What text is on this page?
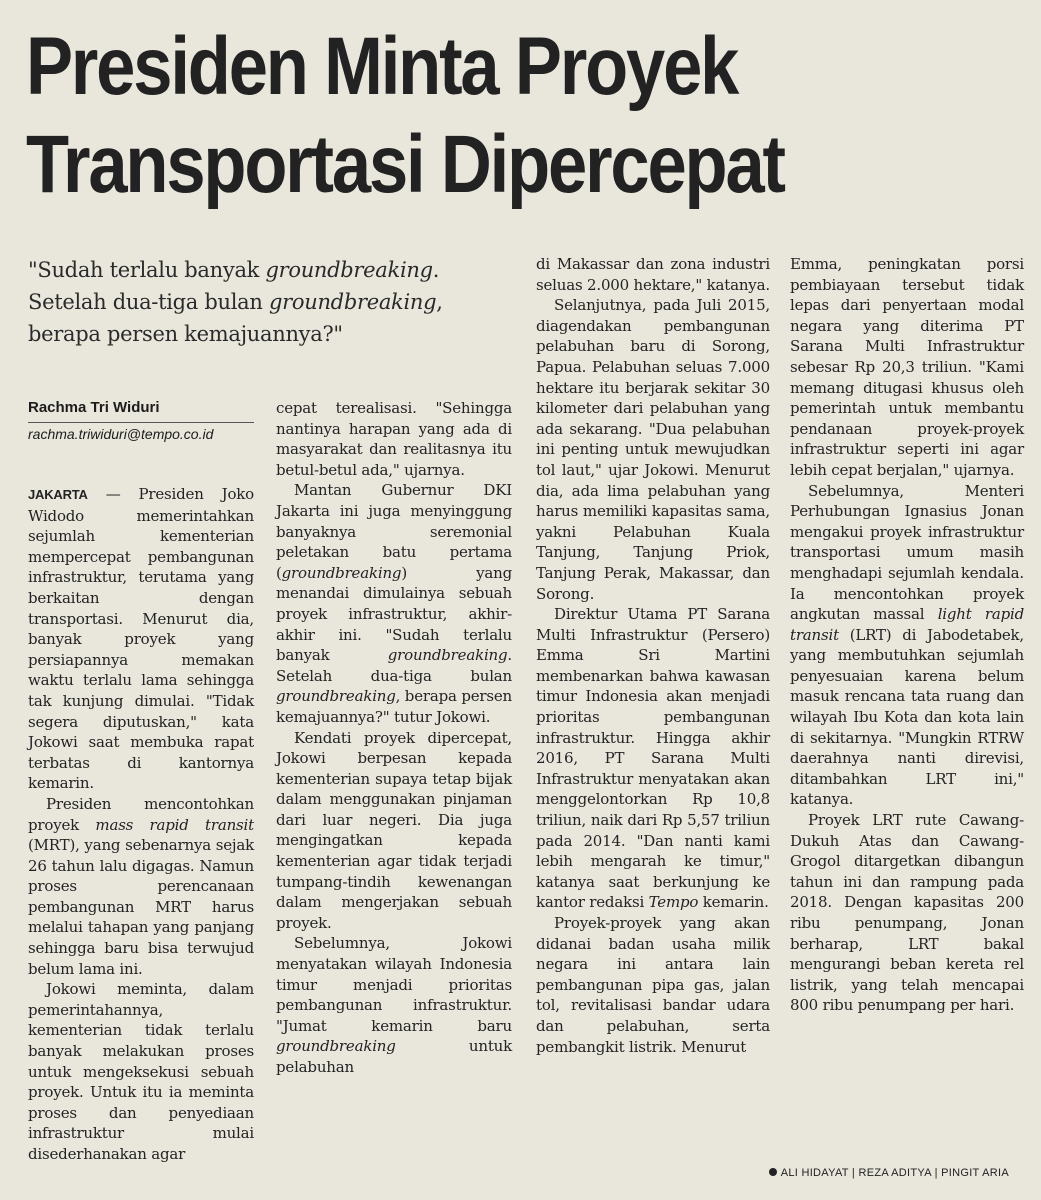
Presiden Minta Proyek
Transportasi Dipercepat
"Sudah terlalu banyak groundbreaking.
Setelah dua-tiga bulan groundbreaking,
berapa persen kemajuannya?"
Rachma Tri Widuri
rachma.triwiduri@tempo.co.id

JAKARTA — Presiden Joko Widodo memerintahkan sejumlah kementerian mempercepat pembangunan infrastruktur, terutama yang berkaitan dengan transportasi. Menurut dia, banyak proyek yang persiapannya memakan waktu terlalu lama sehingga tak kunjung dimulai. "Tidak segera diputuskan," kata Jokowi saat membuka rapat terbatas di kantornya kemarin.

Presiden mencontohkan proyek mass rapid transit (MRT), yang sebenarnya sejak 26 tahun lalu digagas. Namun proses perencanaan pembangunan MRT harus melalui tahapan yang panjang sehingga baru bisa terwujud belum lama ini.

Jokowi meminta, dalam pemerintahannya, kementerian tidak terlalu banyak melakukan proses untuk mengeksekusi sebuah proyek. Untuk itu ia meminta proses dan penyediaan infrastruktur mulai disederhanakan agar

cepat terealisasi. "Sehingga nantinya harapan yang ada di masyarakat dan realitasnya itu betul-betul ada," ujarnya.

Mantan Gubernur DKI Jakarta ini juga menyinggung banyaknya seremonial peletakan batu pertama (groundbreaking) yang menandai dimulainya sebuah proyek infrastruktur, akhir-akhir ini. "Sudah terlalu banyak groundbreaking. Setelah dua-tiga bulan groundbreaking, berapa persen kemajuannya?" tutur Jokowi.

Kendati proyek dipercepat, Jokowi berpesan kepada kementerian supaya tetap bijak dalam menggunakan pinjaman dari luar negeri. Dia juga mengingatkan kepada kementerian agar tidak terjadi tumpang-tindih kewenangan dalam mengerjakan sebuah proyek.

Sebelumnya, Jokowi menyatakan wilayah Indonesia timur menjadi prioritas pembangunan infrastruktur. "Jumat kemarin baru groundbreaking untuk pelabuhan

di Makassar dan zona industri seluas 2.000 hektare," katanya.

Selanjutnya, pada Juli 2015, diagendakan pembangunan pelabuhan baru di Sorong, Papua. Pelabuhan seluas 7.000 hektare itu berjarak sekitar 30 kilometer dari pelabuhan yang ada sekarang. "Dua pelabuhan ini penting untuk mewujudkan tol laut," ujar Jokowi. Menurut dia, ada lima pelabuhan yang harus memiliki kapasitas sama, yakni Pelabuhan Kuala Tanjung, Tanjung Priok, Tanjung Perak, Makassar, dan Sorong.

Direktur Utama PT Sarana Multi Infrastruktur (Persero) Emma Sri Martini membenarkan bahwa kawasan timur Indonesia akan menjadi prioritas pembangunan infrastruktur. Hingga akhir 2016, PT Sarana Multi Infrastruktur menyatakan akan menggelontorkan Rp 10,8 triliun, naik dari Rp 5,57 triliun pada 2014. "Dan nanti kami lebih mengarah ke timur," katanya saat berkunjung ke kantor redaksi Tempo kemarin.

Proyek-proyek yang akan didanai badan usaha milik negara ini antara lain pembangunan pipa gas, jalan tol, revitalisasi bandar udara dan pelabuhan, serta pembangkit listrik. Menurut

Emma, peningkatan porsi pembiayaan tersebut tidak lepas dari penyertaan modal negara yang diterima PT Sarana Multi Infrastruktur sebesar Rp 20,3 triliun. "Kami memang ditugasi khusus oleh pemerintah untuk membantu pendanaan proyek-proyek infrastruktur seperti ini agar lebih cepat berjalan," ujarnya.

Sebelumnya, Menteri Perhubungan Ignasius Jonan mengakui proyek infrastruktur transportasi umum masih menghadapi sejumlah kendala. Ia mencontohkan proyek angkutan massal light rapid transit (LRT) di Jabodetabek, yang membutuhkan sejumlah penyesuaian karena belum masuk rencana tata ruang dan wilayah Ibu Kota dan kota lain di sekitarnya. "Mungkin RTRW daerahnya nanti direvisi, ditambahkan LRT ini," katanya.

Proyek LRT rute Cawang-Dukuh Atas dan Cawang-Grogol ditargetkan dibangun tahun ini dan rampung pada 2018. Dengan kapasitas 200 ribu penumpang, Jonan berharap, LRT bakal mengurangi beban kereta rel listrik, yang telah mencapai 800 ribu penumpang per hari.

ALI HIDAYAT | REZA ADITYA | PINGIT ARIA
